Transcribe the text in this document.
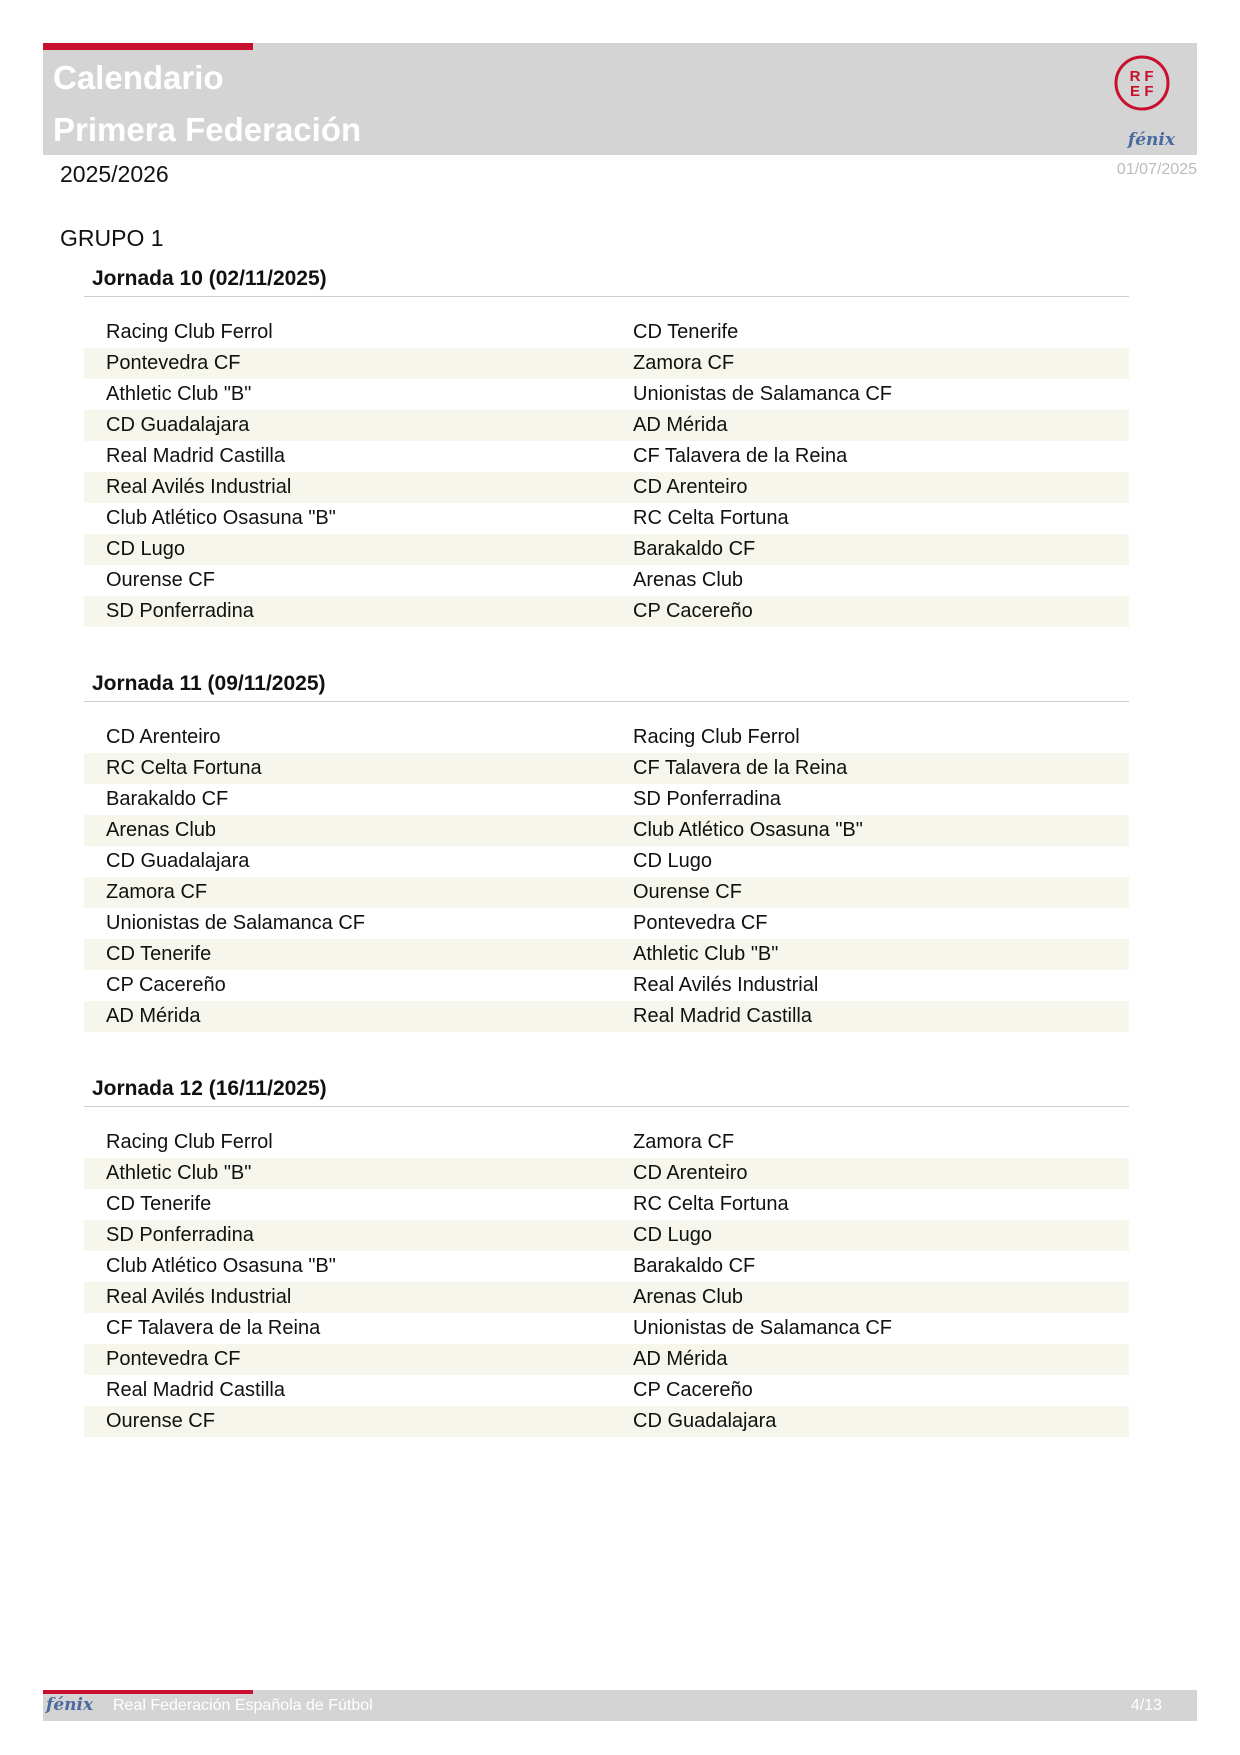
Calendario
Primera Federación
R F
E F
fénix
2025/2026	01/07/2025
GRUPO 1
Jornada 10 (02/11/2025)
Racing Club Ferrol	CD Tenerife
Pontevedra CF	Zamora CF
Athletic Club "B"	Unionistas de Salamanca CF
CD Guadalajara	AD Mérida
Real Madrid Castilla	CF Talavera de la Reina
Real Avilés Industrial	CD Arenteiro
Club Atlético Osasuna "B"	RC Celta Fortuna
CD Lugo	Barakaldo CF
Ourense CF	Arenas Club
SD Ponferradina	CP Cacereño
Jornada 11 (09/11/2025)
CD Arenteiro	Racing Club Ferrol
RC Celta Fortuna	CF Talavera de la Reina
Barakaldo CF	SD Ponferradina
Arenas Club	Club Atlético Osasuna "B"
CD Guadalajara	CD Lugo
Zamora CF	Ourense CF
Unionistas de Salamanca CF	Pontevedra CF
CD Tenerife	Athletic Club "B"
CP Cacereño	Real Avilés Industrial
AD Mérida	Real Madrid Castilla
Jornada 12 (16/11/2025)
Racing Club Ferrol	Zamora CF
Athletic Club "B"	CD Arenteiro
CD Tenerife	RC Celta Fortuna
SD Ponferradina	CD Lugo
Club Atlético Osasuna "B"	Barakaldo CF
Real Avilés Industrial	Arenas Club
CF Talavera de la Reina	Unionistas de Salamanca CF
Pontevedra CF	AD Mérida
Real Madrid Castilla	CP Cacereño
Ourense CF	CD Guadalajara
fénix Real Federación Española de Fútbol	4/13
